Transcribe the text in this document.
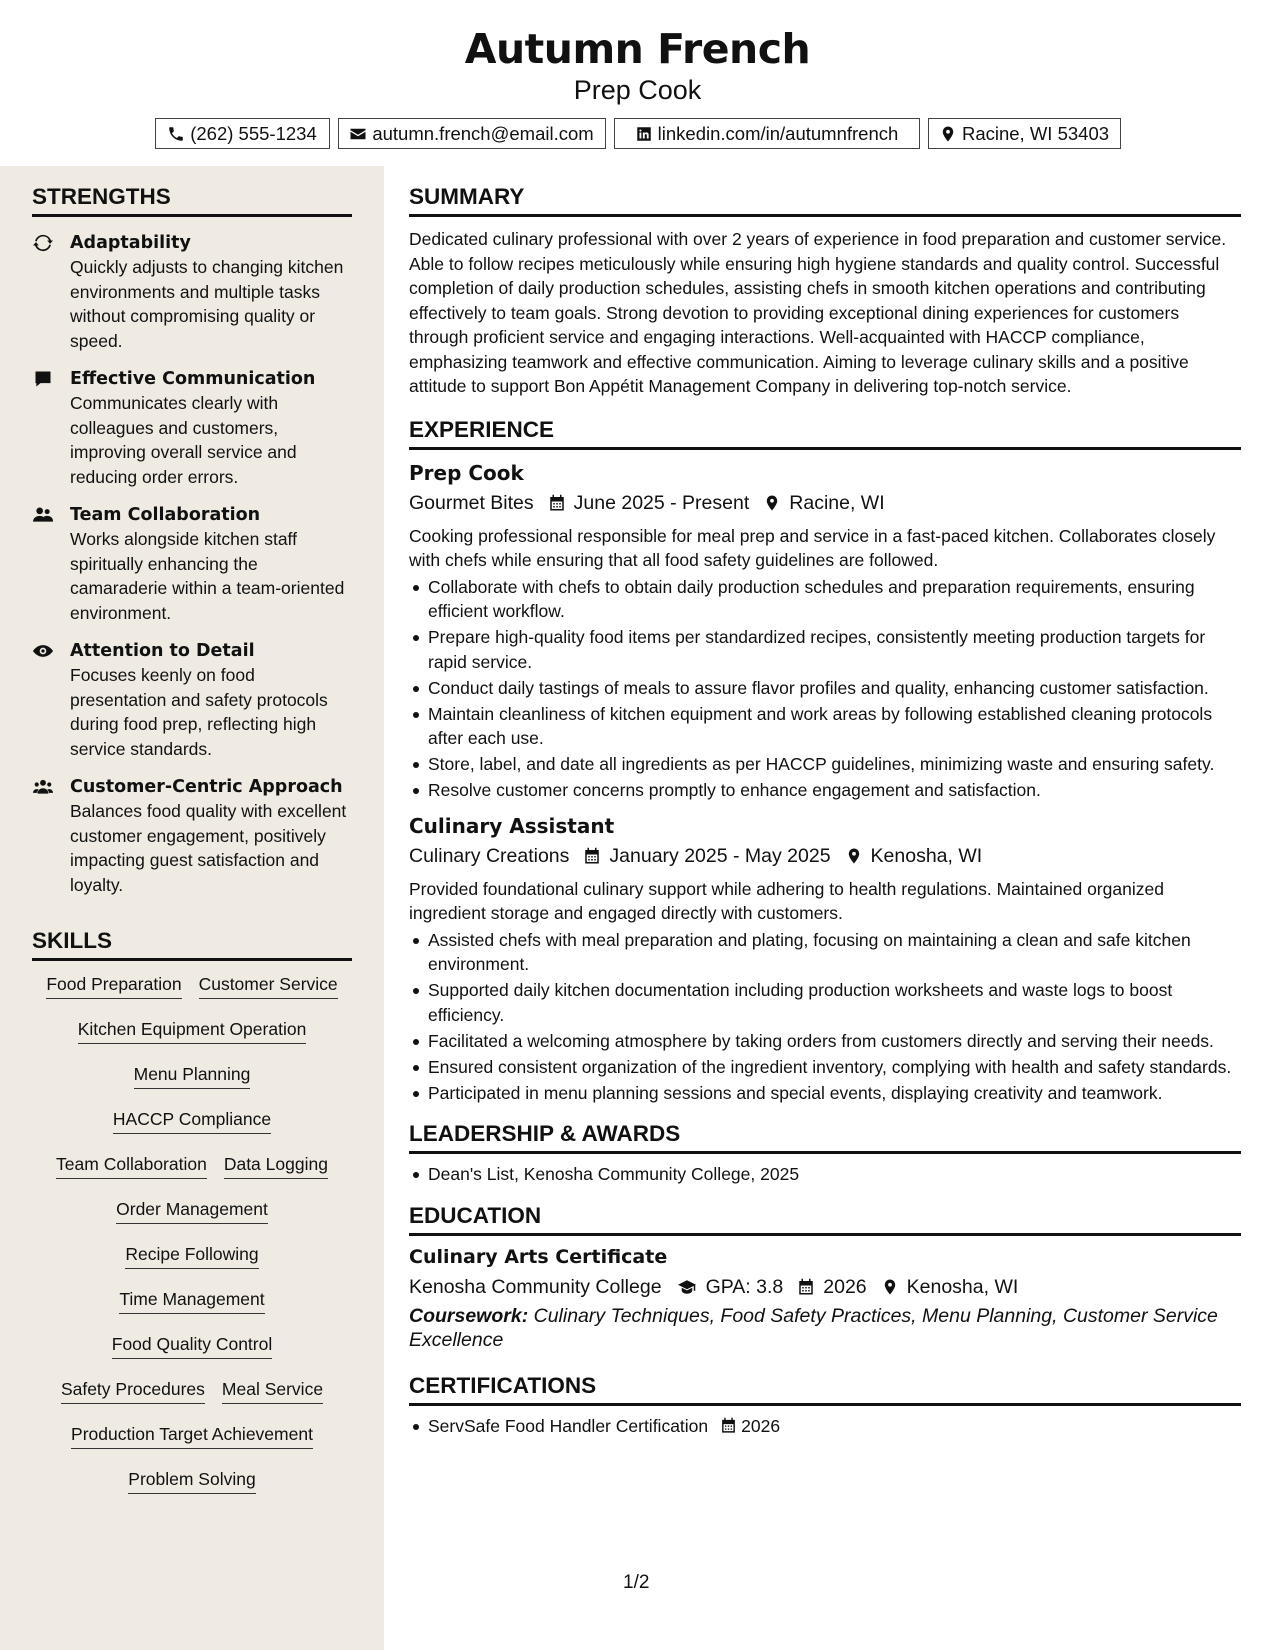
Autumn French
Prep Cook
(262) 555-1234	autumn.french@email.com	linkedin.com/in/autumnfrench	Racine, WI 53403
STRENGTHS
Adaptability
Quickly adjusts to changing kitchen environments and multiple tasks without compromising quality or speed.
Effective Communication
Communicates clearly with colleagues and customers, improving overall service and reducing order errors.
Team Collaboration
Works alongside kitchen staff spiritually enhancing the camaraderie within a team-oriented environment.
Attention to Detail
Focuses keenly on food presentation and safety protocols during food prep, reflecting high service standards.
Customer-Centric Approach
Balances food quality with excellent customer engagement, positively impacting guest satisfaction and loyalty.
SKILLS
Food Preparation Customer Service
Kitchen Equipment Operation
Menu Planning
HACCP Compliance
Team Collaboration Data Logging
Order Management
Recipe Following
Time Management
Food Quality Control
Safety Procedures Meal Service
Production Target Achievement
Problem Solving
SUMMARY
Dedicated culinary professional with over 2 years of experience in food preparation and customer service. Able to follow recipes meticulously while ensuring high hygiene standards and quality control. Successful completion of daily production schedules, assisting chefs in smooth kitchen operations and contributing effectively to team goals. Strong devotion to providing exceptional dining experiences for customers through proficient service and engaging interactions. Well-acquainted with HACCP compliance, emphasizing teamwork and effective communication. Aiming to leverage culinary skills and a positive attitude to support Bon Appétit Management Company in delivering top-notch service.
EXPERIENCE
Prep Cook
Gourmet Bites June 2025 - Present Racine, WI
Cooking professional responsible for meal prep and service in a fast-paced kitchen. Collaborates closely with chefs while ensuring that all food safety guidelines are followed.
Collaborate with chefs to obtain daily production schedules and preparation requirements, ensuring efficient workflow.
Prepare high-quality food items per standardized recipes, consistently meeting production targets for rapid service.
Conduct daily tastings of meals to assure flavor profiles and quality, enhancing customer satisfaction.
Maintain cleanliness of kitchen equipment and work areas by following established cleaning protocols after each use.
Store, label, and date all ingredients as per HACCP guidelines, minimizing waste and ensuring safety.
Resolve customer concerns promptly to enhance engagement and satisfaction.
Culinary Assistant
Culinary Creations January 2025 - May 2025 Kenosha, WI
Provided foundational culinary support while adhering to health regulations. Maintained organized ingredient storage and engaged directly with customers.
Assisted chefs with meal preparation and plating, focusing on maintaining a clean and safe kitchen environment.
Supported daily kitchen documentation including production worksheets and waste logs to boost efficiency.
Facilitated a welcoming atmosphere by taking orders from customers directly and serving their needs.
Ensured consistent organization of the ingredient inventory, complying with health and safety standards.
Participated in menu planning sessions and special events, displaying creativity and teamwork.
LEADERSHIP & AWARDS
Dean's List, Kenosha Community College, 2025
EDUCATION
Culinary Arts Certificate
Kenosha Community College GPA: 3.8 2026 Kenosha, WI
Coursework: Culinary Techniques, Food Safety Practices, Menu Planning, Customer Service Excellence
CERTIFICATIONS
ServSafe Food Handler Certification 2026
1/2
